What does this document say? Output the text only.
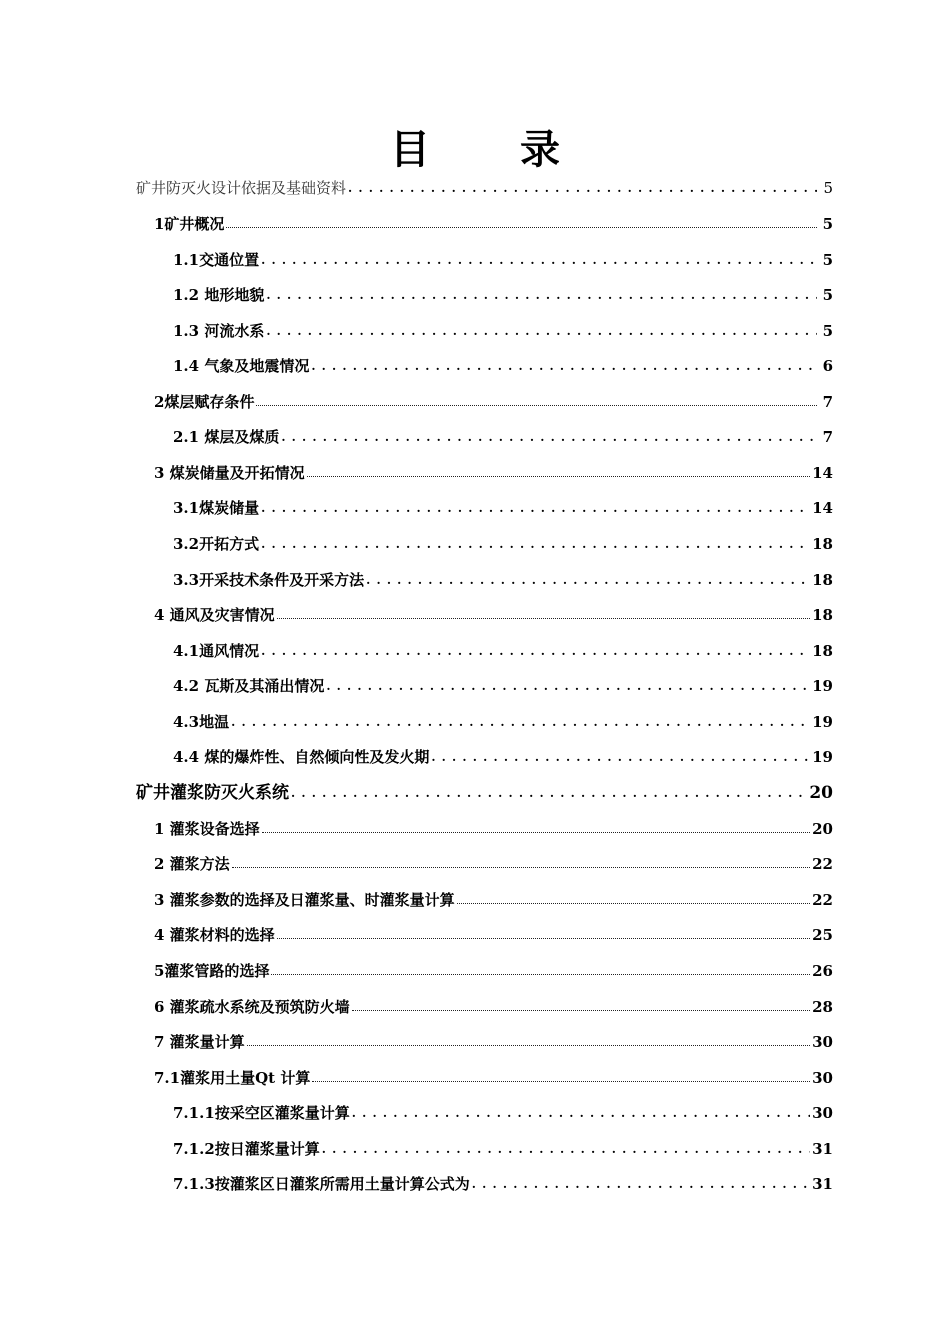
目 录
矿井防灭火设计依据及基础资料 . . .	5
1矿井概况	5
1.1交通位置 . . .	5
1.2 地形地貌 . . .	5
1.3 河流水系 . . .	5
1.4 气象及地震情况 . . .	6
2煤层赋存条件	7
2.1 煤层及煤质 . . .	7
3 煤炭储量及开拓情况	14
3.1煤炭储量 . . .	14
3.2开拓方式 . . .	18
3.3开采技术条件及开采方法 . . .	18
4 通风及灾害情况	18
4.1通风情况 . . .	18
4.2 瓦斯及其涌出情况 . . .	19
4.3地温 . . .	19
4.4 煤的爆炸性、自然倾向性及发火期 . . .	19
矿井灌浆防灭火系统 . . .	20
1 灌浆设备选择	20
2 灌浆方法	22
3 灌浆参数的选择及日灌浆量、时灌浆量计算	22
4 灌浆材料的选择	25
5灌浆管路的选择	26
6 灌浆疏水系统及预筑防火墙	28
7 灌浆量计算	30
7.1灌浆用土量Qt 计算	30
7.1.1按采空区灌浆量计算 . . .	30
7.1.2按日灌浆量计算 . . .	31
7.1.3按灌浆区日灌浆所需用土量计算公式为 . . .	31
